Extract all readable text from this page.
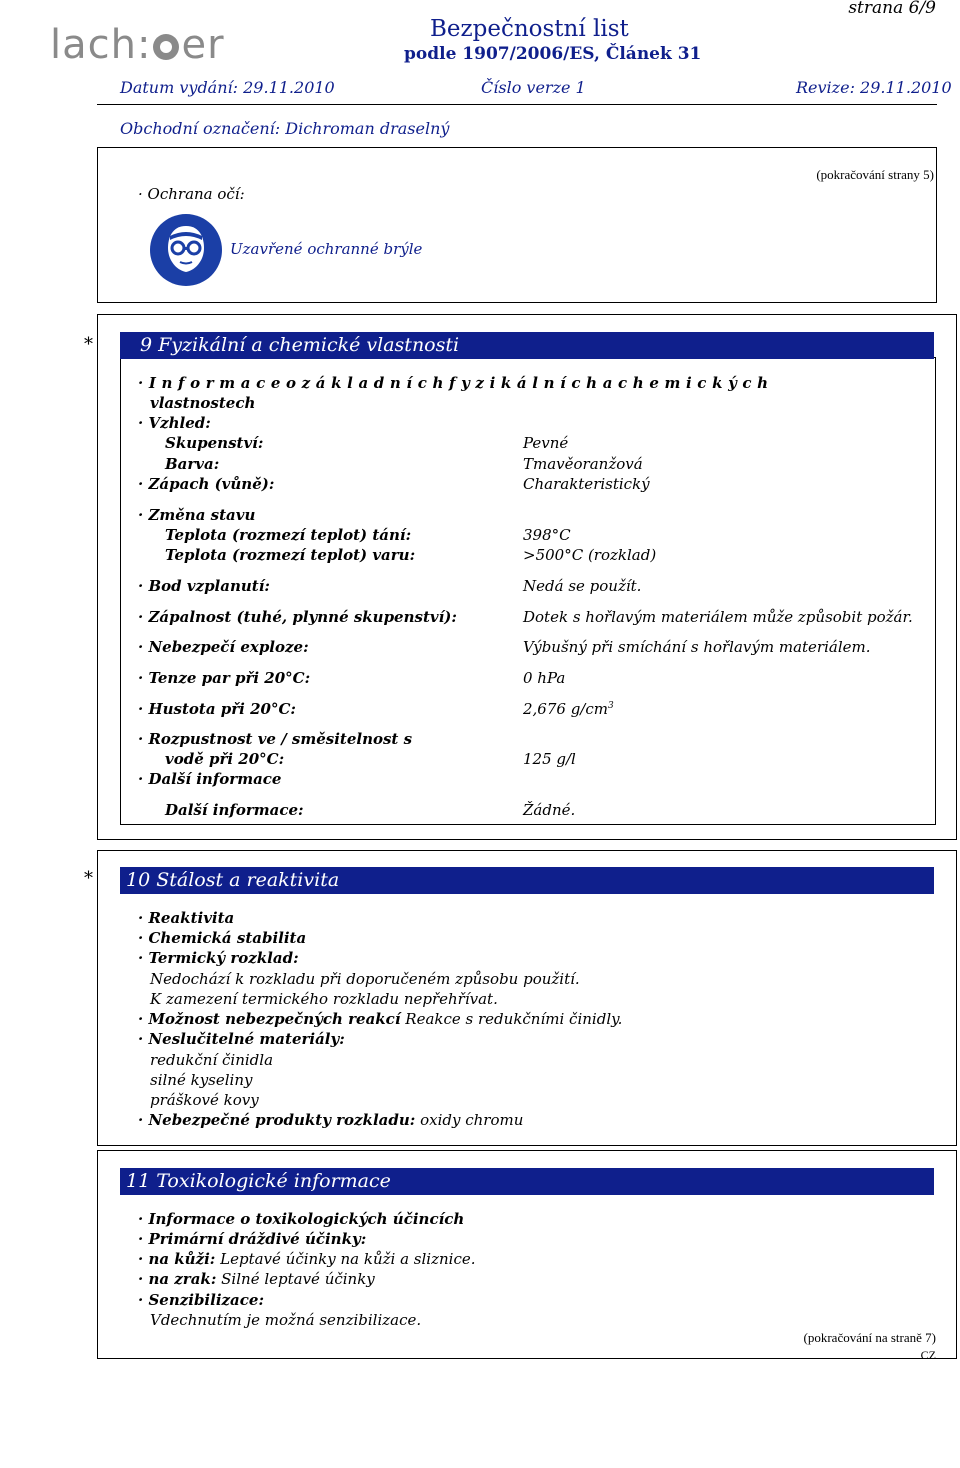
lach: er
strana 6/9
Bezpečnostní list
podle 1907/2006/ES, Článek 31
Datum vydání: 29.11.2010	Číslo verze 1	Revize: 29.11.2010
Obchodní označení: Dichroman draselný
· Ochrana očí:
(pokračování strany 5)
Uzavřené ochranné brýle
*	9 Fyzikální a chemické vlastnosti
· I n f o r m a c e o z á k l a d n í c h f y z i k á l n í c h a c h e m i c k ý c h
vlastnostech
· Vzhled:
Skupenství:	Pevné
Barva:	Tmavěoranžová
· Zápach (vůně):	Charakteristický
· Změna stavu
Teplota (rozmezí teplot) tání:	398°C
Teplota (rozmezí teplot) varu:	>500°C (rozklad)
· Bod vzplanutí:	Nedá se použít.
· Zápalnost (tuhé, plynné skupenství):	Dotek s hořlavým materiálem může způsobit požár.
· Nebezpečí exploze:	Výbušný při smíchání s hořlavým materiálem.
· Tenze par při 20°C:	0 hPa
· Hustota při 20°C:	2,676 $g/cm^3$
· Rozpustnost ve / směsitelnost s
vodě při 20°C:	125 g/l
· Další informace
Další informace:	Žádné.
*	10 Stálost a reaktivita
· Reaktivita
· Chemická stabilita
· Termický rozklad:
Nedochází k rozkladu při doporučeném způsobu použití.
K zamezení termického rozkladu nepřehřívat.
· Možnost nebezpečných reakcí Reakce s redukčními činidly.
· Neslučitelné materiály:
redukční činidla
silné kyseliny
práškové kovy
· Nebezpečné produkty rozkladu: oxidy chromu
11 Toxikologické informace
· Informace o toxikologických účincích
· Primární dráždivé účinky:
· na kůži: Leptavé účinky na kůži a sliznice.
· na zrak: Silné leptavé účinky
· Senzibilizace:
Vdechnutím je možná senzibilizace.
(pokračování na straně 7)
CZ
